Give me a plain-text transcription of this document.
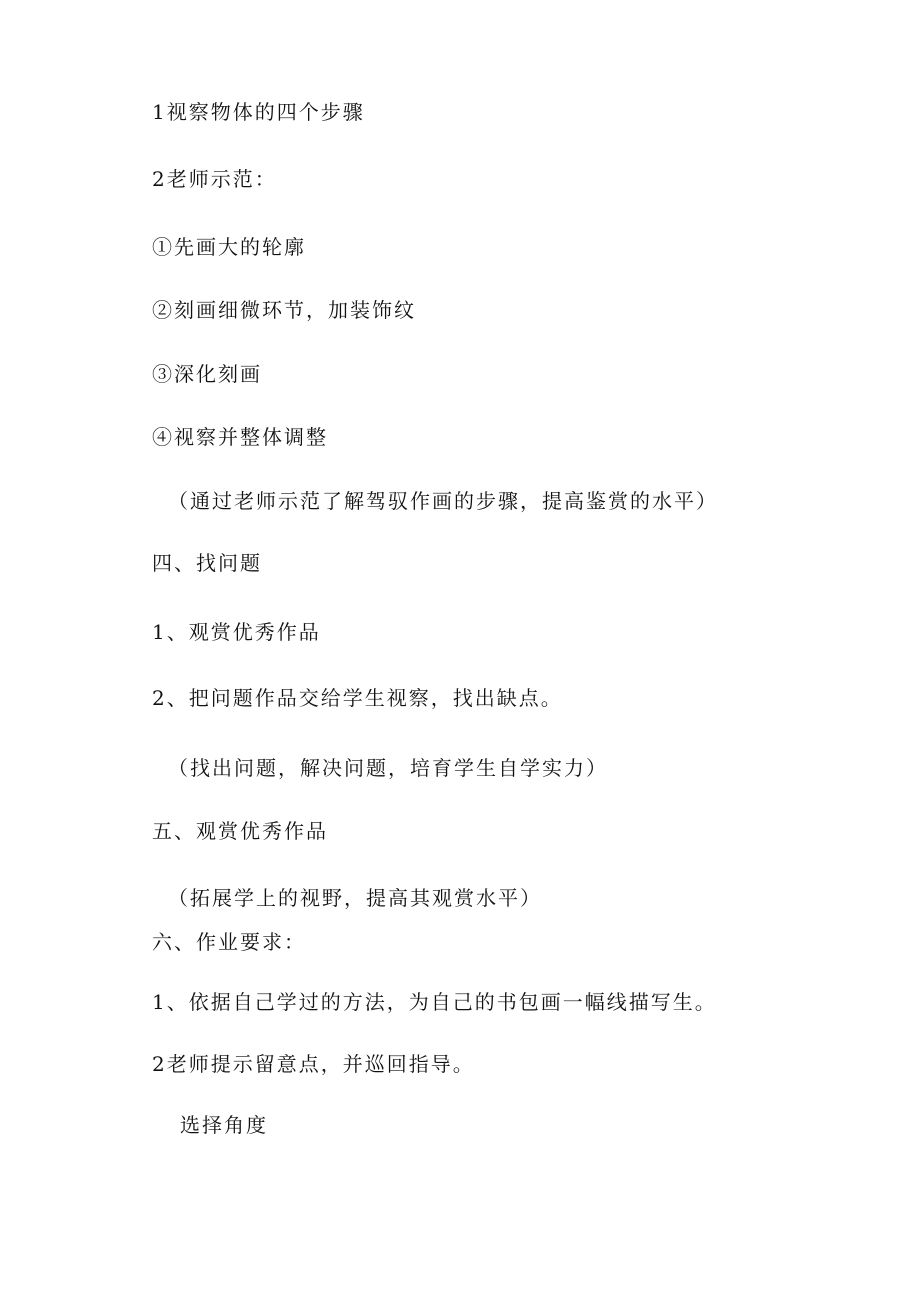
1视察物体的四个步骤
2老师示范：
①先画大的轮廓
②刻画细微环节，加装饰纹
③深化刻画
④视察并整体调整
（通过老师示范了解驾驭作画的步骤，提高鉴赏的水平）
四、找问题
1、观赏优秀作品
2、把问题作品交给学生视察，找出缺点。
（找出问题，解决问题，培育学生自学实力）
五、观赏优秀作品
（拓展学上的视野，提高其观赏水平）
六、作业要求：
1、依据自己学过的方法，为自己的书包画一幅线描写生。
2老师提示留意点，并巡回指导。
选择角度
